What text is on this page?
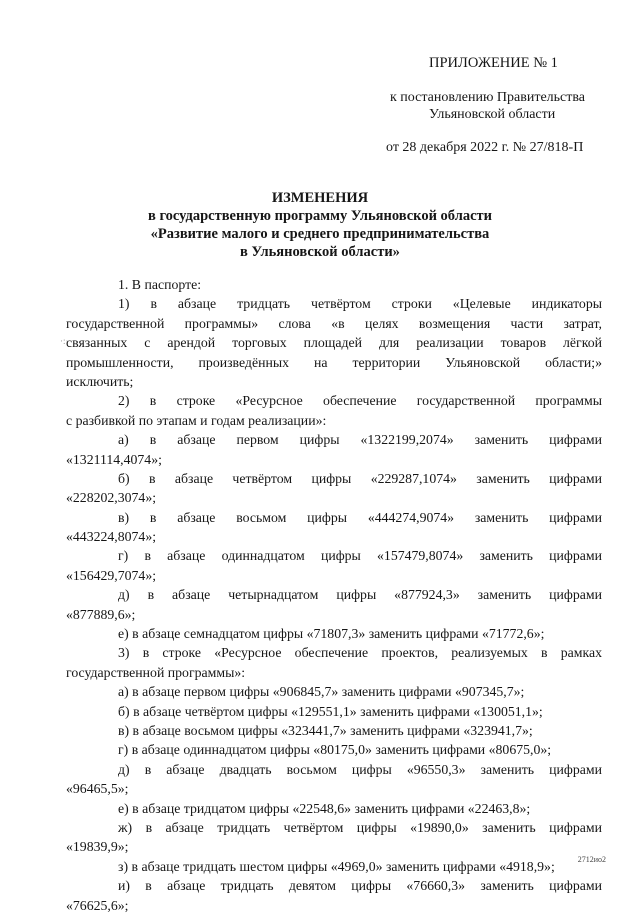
ПРИЛОЖЕНИЕ № 1
к постановлению Правительства
Ульяновской области
от 28 декабря 2022 г. № 27/818-П
ИЗМЕНЕНИЯ
в государственную программу Ульяновской области
«Развитие малого и среднего предпринимательства
в Ульяновской области»
·:·
1. В паспорте:
1) в абзаце тридцать четвёртом строки «Целевые индикаторы
государственной программы» слова «в целях возмещения части затрат,
связанных с арендой торговых площадей для реализации товаров лёгкой
промышленности, произведённых на территории Ульяновской области;»
исключить;
2) в строке «Ресурсное обеспечение государственной программы
с разбивкой по этапам и годам реализации»:
а) в абзаце первом цифры «1322199,2074» заменить цифрами
«1321114,4074»;
б) в абзаце четвёртом цифры «229287,1074» заменить цифрами
«228202,3074»;
в) в абзаце восьмом цифры «444274,9074» заменить цифрами
«443224,8074»;
г) в абзаце одиннадцатом цифры «157479,8074» заменить цифрами
«156429,7074»;
д) в абзаце четырнадцатом цифры «877924,3» заменить цифрами
«877889,6»;
е) в абзаце семнадцатом цифры «71807,3» заменить цифрами «71772,6»;
3) в строке «Ресурсное обеспечение проектов, реализуемых в рамках
государственной программы»:
а) в абзаце первом цифры «906845,7» заменить цифрами «907345,7»;
б) в абзаце четвёртом цифры «129551,1» заменить цифрами «130051,1»;
в) в абзаце восьмом цифры «323441,7» заменить цифрами «323941,7»;
г) в абзаце одиннадцатом цифры «80175,0» заменить цифрами «80675,0»;
д) в абзаце двадцать восьмом цифры «96550,3» заменить цифрами
«96465,5»;
е) в абзаце тридцатом цифры «22548,6» заменить цифрами «22463,8»;
ж) в абзаце тридцать четвёртом цифры «19890,0» заменить цифрами
«19839,9»;
з) в абзаце тридцать шестом цифры «4969,0» заменить цифрами «4918,9»;
и) в абзаце тридцать девятом цифры «76660,3» заменить цифрами
«76625,6»;
2712ио2
